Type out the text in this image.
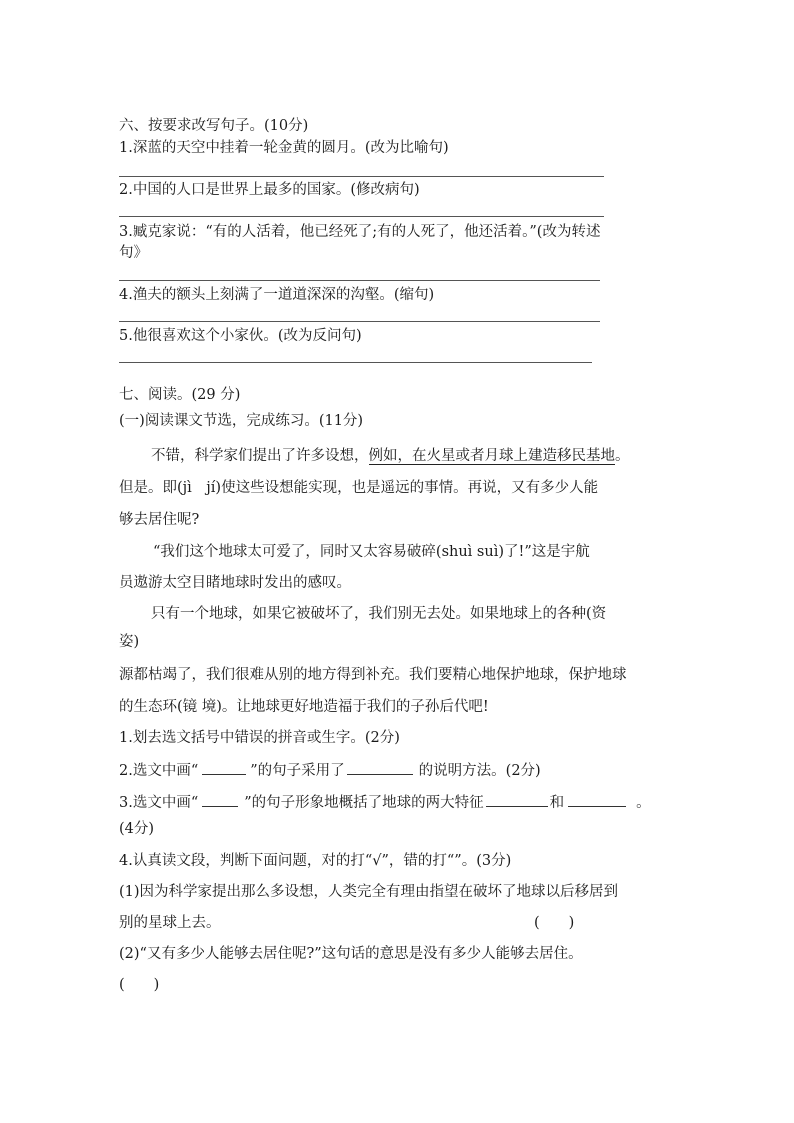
六、按要求改写句子。(10分)
1.深蓝的天空中挂着一轮金黄的圆月。(改为比喻句)
2.中国的人口是世界上最多的国家。(修改病句)
3.臧克家说：“有的人活着，他已经死了;有的人死了，他还活着。”(改为转述
句》
4.渔夫的额头上刻满了一道道深深的沟壑。(缩句)
5.他很喜欢这个小家伙。(改为反问句)
七、阅读。(29 分)
(一)阅读课文节选，完成练习。(11分)
不错，科学家们提出了许多设想，例如，在火星或者月球上建造移民基地。
但是。即(jì　jí)使这些设想能实现，也是遥远的事情。再说，又有多少人能
够去居住呢?
“我们这个地球太可爱了，同时又太容易破碎(shuì suì)了!”这是宇航
员遨游太空目睹地球时发出的感叹。
只有一个地球，如果它被破坏了，我们别无去处。如果地球上的各种(资
姿)
源都枯竭了，我们很难从别的地方得到补充。我们要精心地保护地球，保护地球
的生态环(镜 境)。让地球更好地造福于我们的子孙后代吧!
1.划去选文括号中错误的拼音或生字。(2分)
2.选文中画“	”的句子采用了	的说明方法。(2分)
3.选文中画“	”的句子形象地概括了地球的两大特征	和	。
(4分)
4.认真读文段，判断下面问题，对的打“√”，错的打“”。(3分)
(1)因为科学家提出那么多设想，人类完全有理由指望在破坏了地球以后移居到
别的星球上去。	(　　)
(2)“又有多少人能够去居住呢?”这句话的意思是没有多少人能够去居住。
(　　)
